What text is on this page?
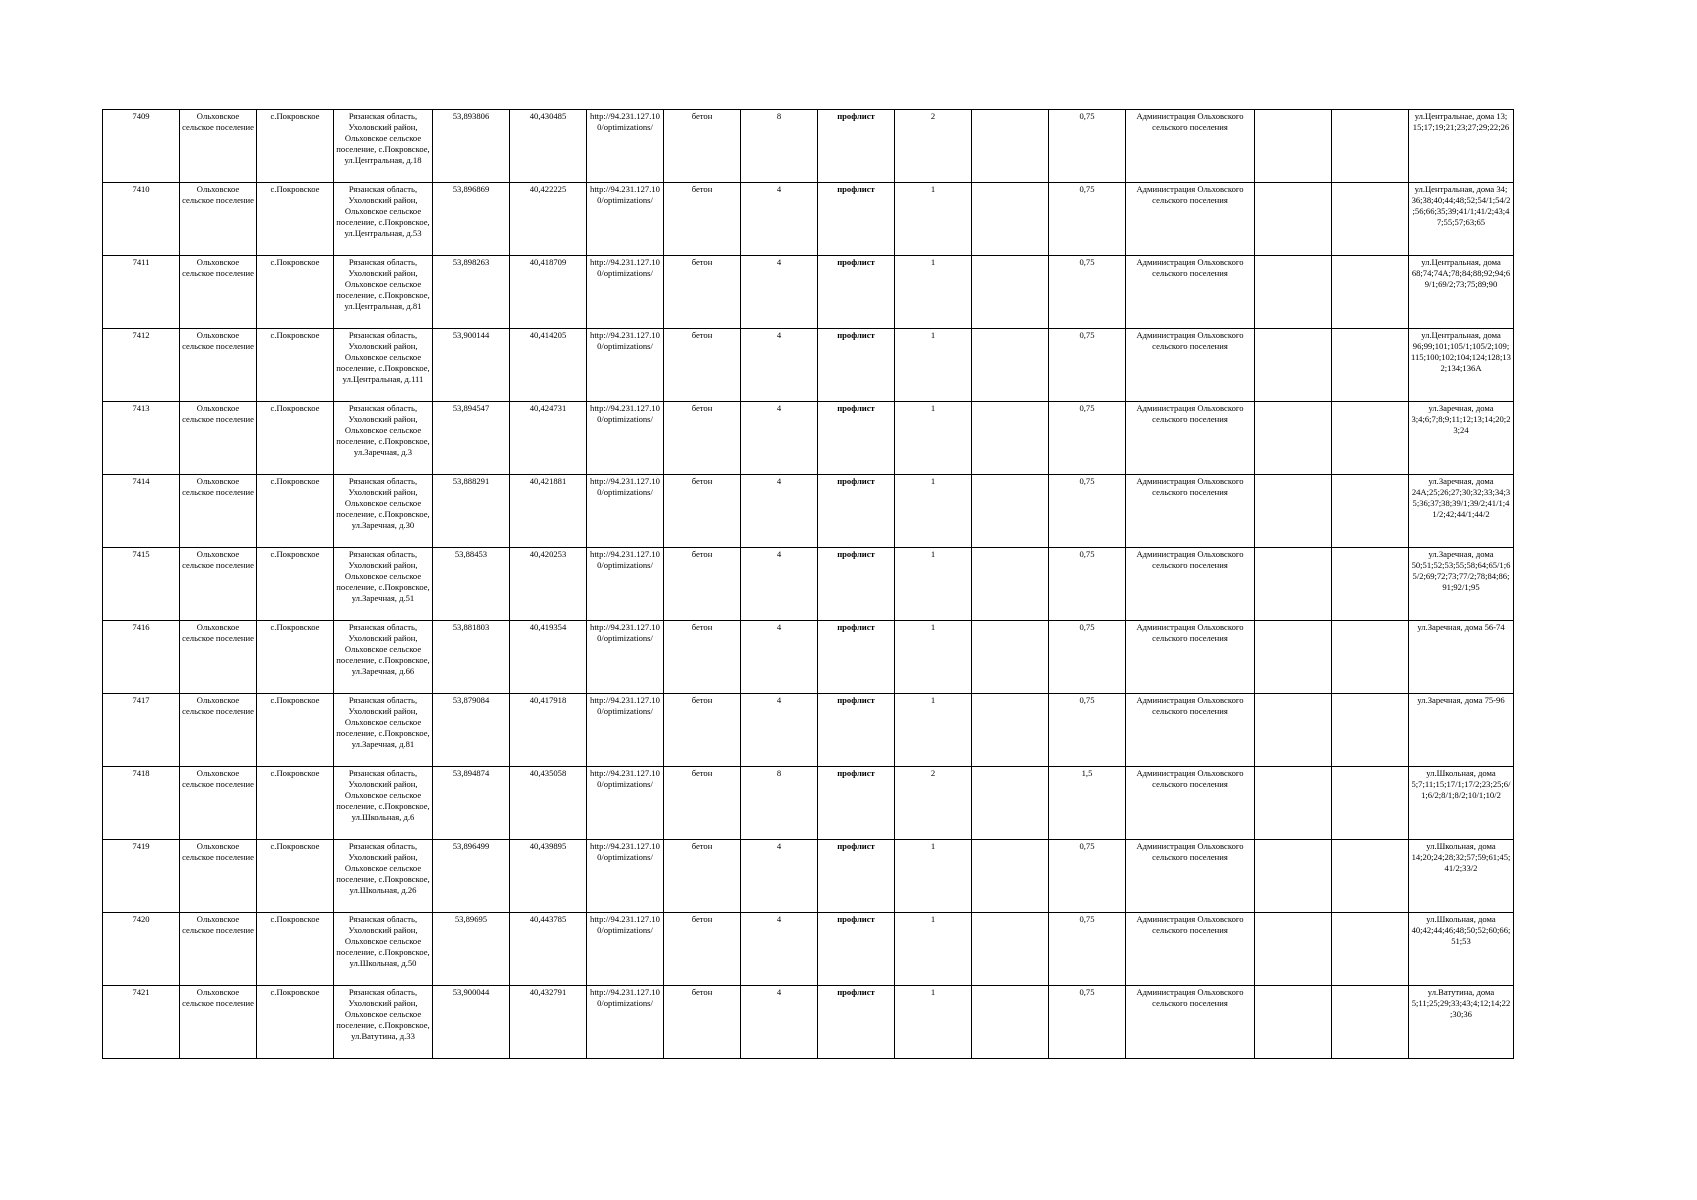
7409	Ольховское сельское поселение	с.Покровское	Рязанская область, Ухоловский район, Ольховское сельское поселение, с.Покровское, ул.Центральная, д.18	53,893806	40,430485	http://94.231.127.100/optimizations/	бетон	8	профлист	2		0,75	Администрация Ольховского сельского поселения			ул.Центральнае, дома 13; 15;17;19;21;23;27;29;22;26
7410	Ольховское сельское поселение	с.Покровское	Рязанская область, Ухоловский район, Ольховское сельское поселение, с.Покровское, ул.Центральная, д.53	53,896869	40,422225	http://94.231.127.100/optimizations/	бетон	4	профлист	1		0,75	Администрация Ольховского сельского поселения			ул.Центральная, дома 34; 36;38;40;44;48;52;54/1;54/2;56;66;35;39;41/1;41/2;43;47;55;57;63;65
7411	Ольховское сельское поселение	с.Покровское	Рязанская область, Ухоловский район, Ольховское сельское поселение, с.Покровское, ул.Центральная, д.81	53,898263	40,418709	http://94.231.127.100/optimizations/	бетон	4	профлист	1		0,75	Администрация Ольховского сельского поселения			ул.Центральная, дома 68;74;74А;78;84;88;92;94;69/1;69/2;73;75;89;90
7412	Ольховское сельское поселение	с.Покровское	Рязанская область, Ухоловский район, Ольховское сельское поселение, с.Покровское, ул.Центральная, д.111	53,900144	40,414205	http://94.231.127.100/optimizations/	бетон	4	профлист	1		0,75	Администрация Ольховского сельского поселения			ул.Центральная, дома 96;99;101;105/1;105/2;109; 115;100;102;104;124;128;132;134;136А
7413	Ольховское сельское поселение	с.Покровское	Рязанская область, Ухоловский район, Ольховское сельское поселение, с.Покровское, ул.Заречная, д.3	53,894547	40,424731	http://94.231.127.100/optimizations/	бетон	4	профлист	1		0,75	Администрация Ольховского сельского поселения			ул.Заречная, дома 3;4;6;7;8;9;11;12;13;14;20;23;24
7414	Ольховское сельское поселение	с.Покровское	Рязанская область, Ухоловский район, Ольховское сельское поселение, с.Покровское, ул.Заречная, д.30	53,888291	40,421881	http://94.231.127.100/optimizations/	бетон	4	профлист	1		0,75	Администрация Ольховского сельского поселения			ул.Заречная, дома 24А;25;26;27;30;32;33;34;35;36;37;38;39/1;39/2;41/1;41/2;42;44/1;44/2
7415	Ольховское сельское поселение	с.Покровское	Рязанская область, Ухоловский район, Ольховское сельское поселение, с.Покровское, ул.Заречная, д.51	53,88453	40,420253	http://94.231.127.100/optimizations/	бетон	4	профлист	1		0,75	Администрация Ольховского сельского поселения			ул.Заречная, дома 50;51;52;53;55;58;64;65/1;65/2;69;72;73;77/2;78;84;86; 91;92/1;95
7416	Ольховское сельское поселение	с.Покровское	Рязанская область, Ухоловский район, Ольховское сельское поселение, с.Покровское, ул.Заречная, д.66	53,881803	40,419354	http://94.231.127.100/optimizations/	бетон	4	профлист	1		0,75	Администрация Ольховского сельского поселения			ул.Заречная, дома 56-74
7417	Ольховское сельское поселение	с.Покровское	Рязанская область, Ухоловский район, Ольховское сельское поселение, с.Покровское, ул.Заречная, д.81	53,879084	40,417918	http://94.231.127.100/optimizations/	бетон	4	профлист	1		0,75	Администрация Ольховского сельского поселения			ул.Заречная, дома 75-96
7418	Ольховское сельское поселение	с.Покровское	Рязанская область, Ухоловский район, Ольховское сельское поселение, с.Покровское, ул.Школьная, д.6	53,894874	40,435058	http://94.231.127.100/optimizations/	бетон	8	профлист	2		1,5	Администрация Ольховского сельского поселения			ул.Школьная, дома 5;7;11;15;17/1;17/2;23;25;6/1;6/2;8/1;8/2;10/1;10/2
7419	Ольховское сельское поселение	с.Покровское	Рязанская область, Ухоловский район, Ольховское сельское поселение, с.Покровское, ул.Школьная, д.26	53,896499	40,439895	http://94.231.127.100/optimizations/	бетон	4	профлист	1		0,75	Администрация Ольховского сельского поселения			ул.Школьная, дома 14;20;24;28;32;57;59;61;45; 41/2;33/2
7420	Ольховское сельское поселение	с.Покровское	Рязанская область, Ухоловский район, Ольховское сельское поселение, с.Покровское, ул.Школьная, д.50	53,89695	40,443785	http://94.231.127.100/optimizations/	бетон	4	профлист	1		0,75	Администрация Ольховского сельского поселения			ул.Школьная, дома 40;42;44;46;48;50;52;60;66; 51;53
7421	Ольховское сельское поселение	с.Покровское	Рязанская область, Ухоловский район, Ольховское сельское поселение, с.Покровское, ул.Ватутина, д.33	53,900044	40,432791	http://94.231.127.100/optimizations/	бетон	4	профлист	1		0,75	Администрация Ольховского сельского поселения			ул.Ватутина, дома 5;11;25;29;33;43;4;12;14;22 ;30;36
